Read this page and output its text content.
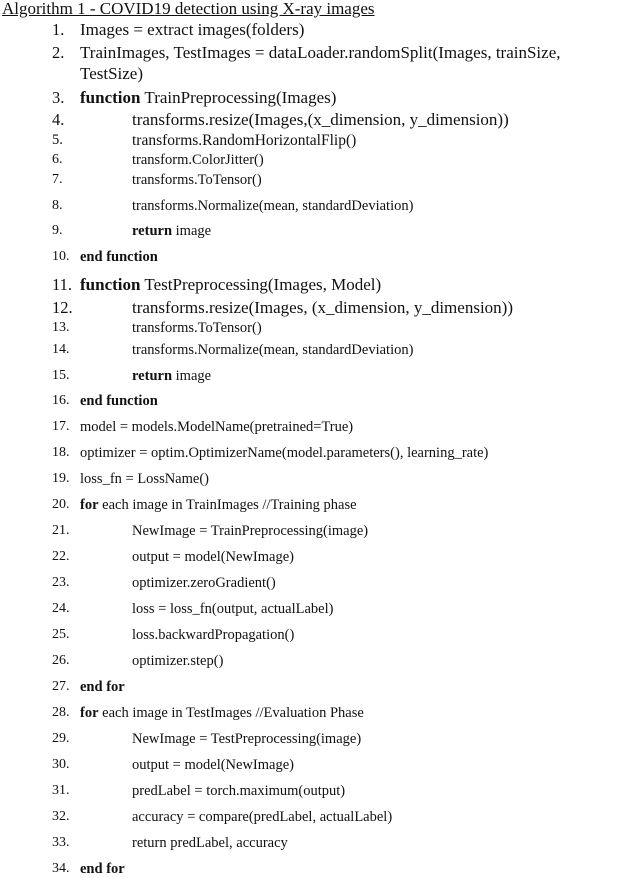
Algorithm 1 - COVID19 detection using X-ray images
1. Images = extract images(folders)
2. TrainImages, TestImages = dataLoader.randomSplit(Images, trainSize,
TestSize)
3. function TrainPreprocessing(Images)
4.	transforms.resize(Images,(x_dimension, y_dimension))
5.	transforms.RandomHorizontalFlip()
6.	transform.ColorJitter()
7.	transforms.ToTensor()
8.	transforms.Normalize(mean, standardDeviation)
9.	return image
10. end function
11. function TestPreprocessing(Images, Model)
12.	transforms.resize(Images, (x_dimension, y_dimension))
13.	transforms.ToTensor()
14.	transforms.Normalize(mean, standardDeviation)
15.	return image
16. end function
17. model = models.ModelName(pretrained=True)
18. optimizer = optim.OptimizerName(model.parameters(), learning_rate)
19. loss_fn = LossName()
20. for each image in TrainImages //Training phase
21.	NewImage = TrainPreprocessing(image)
22.	output = model(NewImage)
23.	optimizer.zeroGradient()
24.	loss = loss_fn(output, actualLabel)
25.	loss.backwardPropagation()
26.	optimizer.step()
27. end for
28. for each image in TestImages //Evaluation Phase
29.	NewImage = TestPreprocessing(image)
30.	output = model(NewImage)
31.	predLabel = torch.maximum(output)
32.	accuracy = compare(predLabel, actualLabel)
33.	return predLabel, accuracy
34. end for
